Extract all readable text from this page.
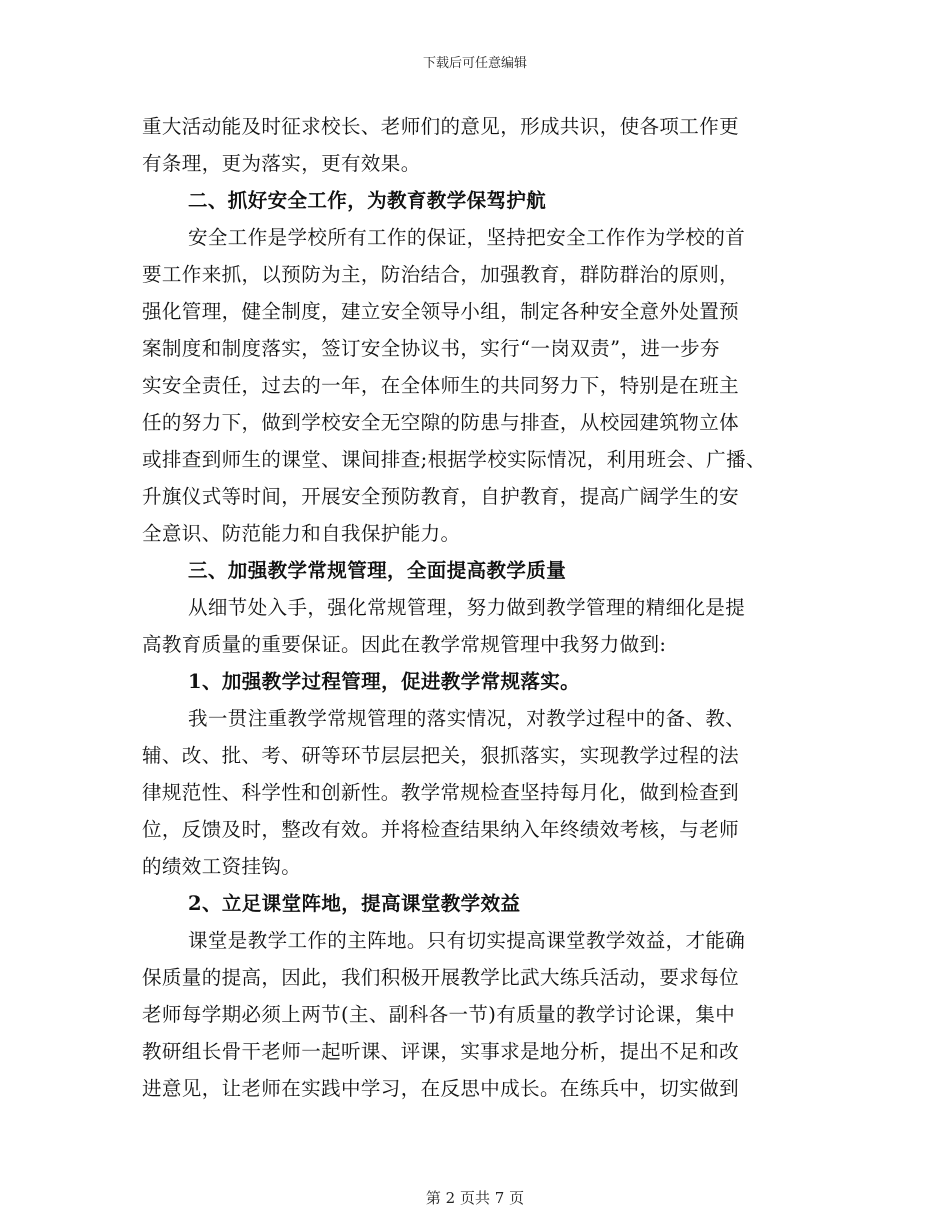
下载后可任意编辑
重大活动能及时征求校长、老师们的意见，形成共识，使各项工作更
有条理，更为落实，更有效果。
二、抓好安全工作，为教育教学保驾护航
安全工作是学校所有工作的保证，坚持把安全工作作为学校的首
要工作来抓，以预防为主，防治结合，加强教育，群防群治的原则，
强化管理，健全制度，建立安全领导小组，制定各种安全意外处置预
案制度和制度落实，签订安全协议书，实行“一岗双责”，进一步夯
实安全责任，过去的一年，在全体师生的共同努力下，特别是在班主
任的努力下，做到学校安全无空隙的防患与排查，从校园建筑物立体
或排查到师生的课堂、课间排查;根据学校实际情况，利用班会、广播、
升旗仪式等时间，开展安全预防教育，自护教育，提高广阔学生的安
全意识、防范能力和自我保护能力。
三、加强教学常规管理，全面提高教学质量
从细节处入手，强化常规管理，努力做到教学管理的精细化是提
高教育质量的重要保证。因此在教学常规管理中我努力做到:
1、加强教学过程管理，促进教学常规落实。
我一贯注重教学常规管理的落实情况，对教学过程中的备、教、
辅、改、批、考、研等环节层层把关，狠抓落实，实现教学过程的法
律规范性、科学性和创新性。教学常规检查坚持每月化，做到检查到
位，反馈及时，整改有效。并将检查结果纳入年终绩效考核，与老师
的绩效工资挂钩。
2、立足课堂阵地，提高课堂教学效益
课堂是教学工作的主阵地。只有切实提高课堂教学效益，才能确
保质量的提高，因此，我们积极开展教学比武大练兵活动，要求每位
老师每学期必须上两节(主、副科各一节)有质量的教学讨论课，集中
教研组长骨干老师一起听课、评课，实事求是地分析，提出不足和改
进意见，让老师在实践中学习，在反思中成长。在练兵中，切实做到
第 2 页共 7 页
